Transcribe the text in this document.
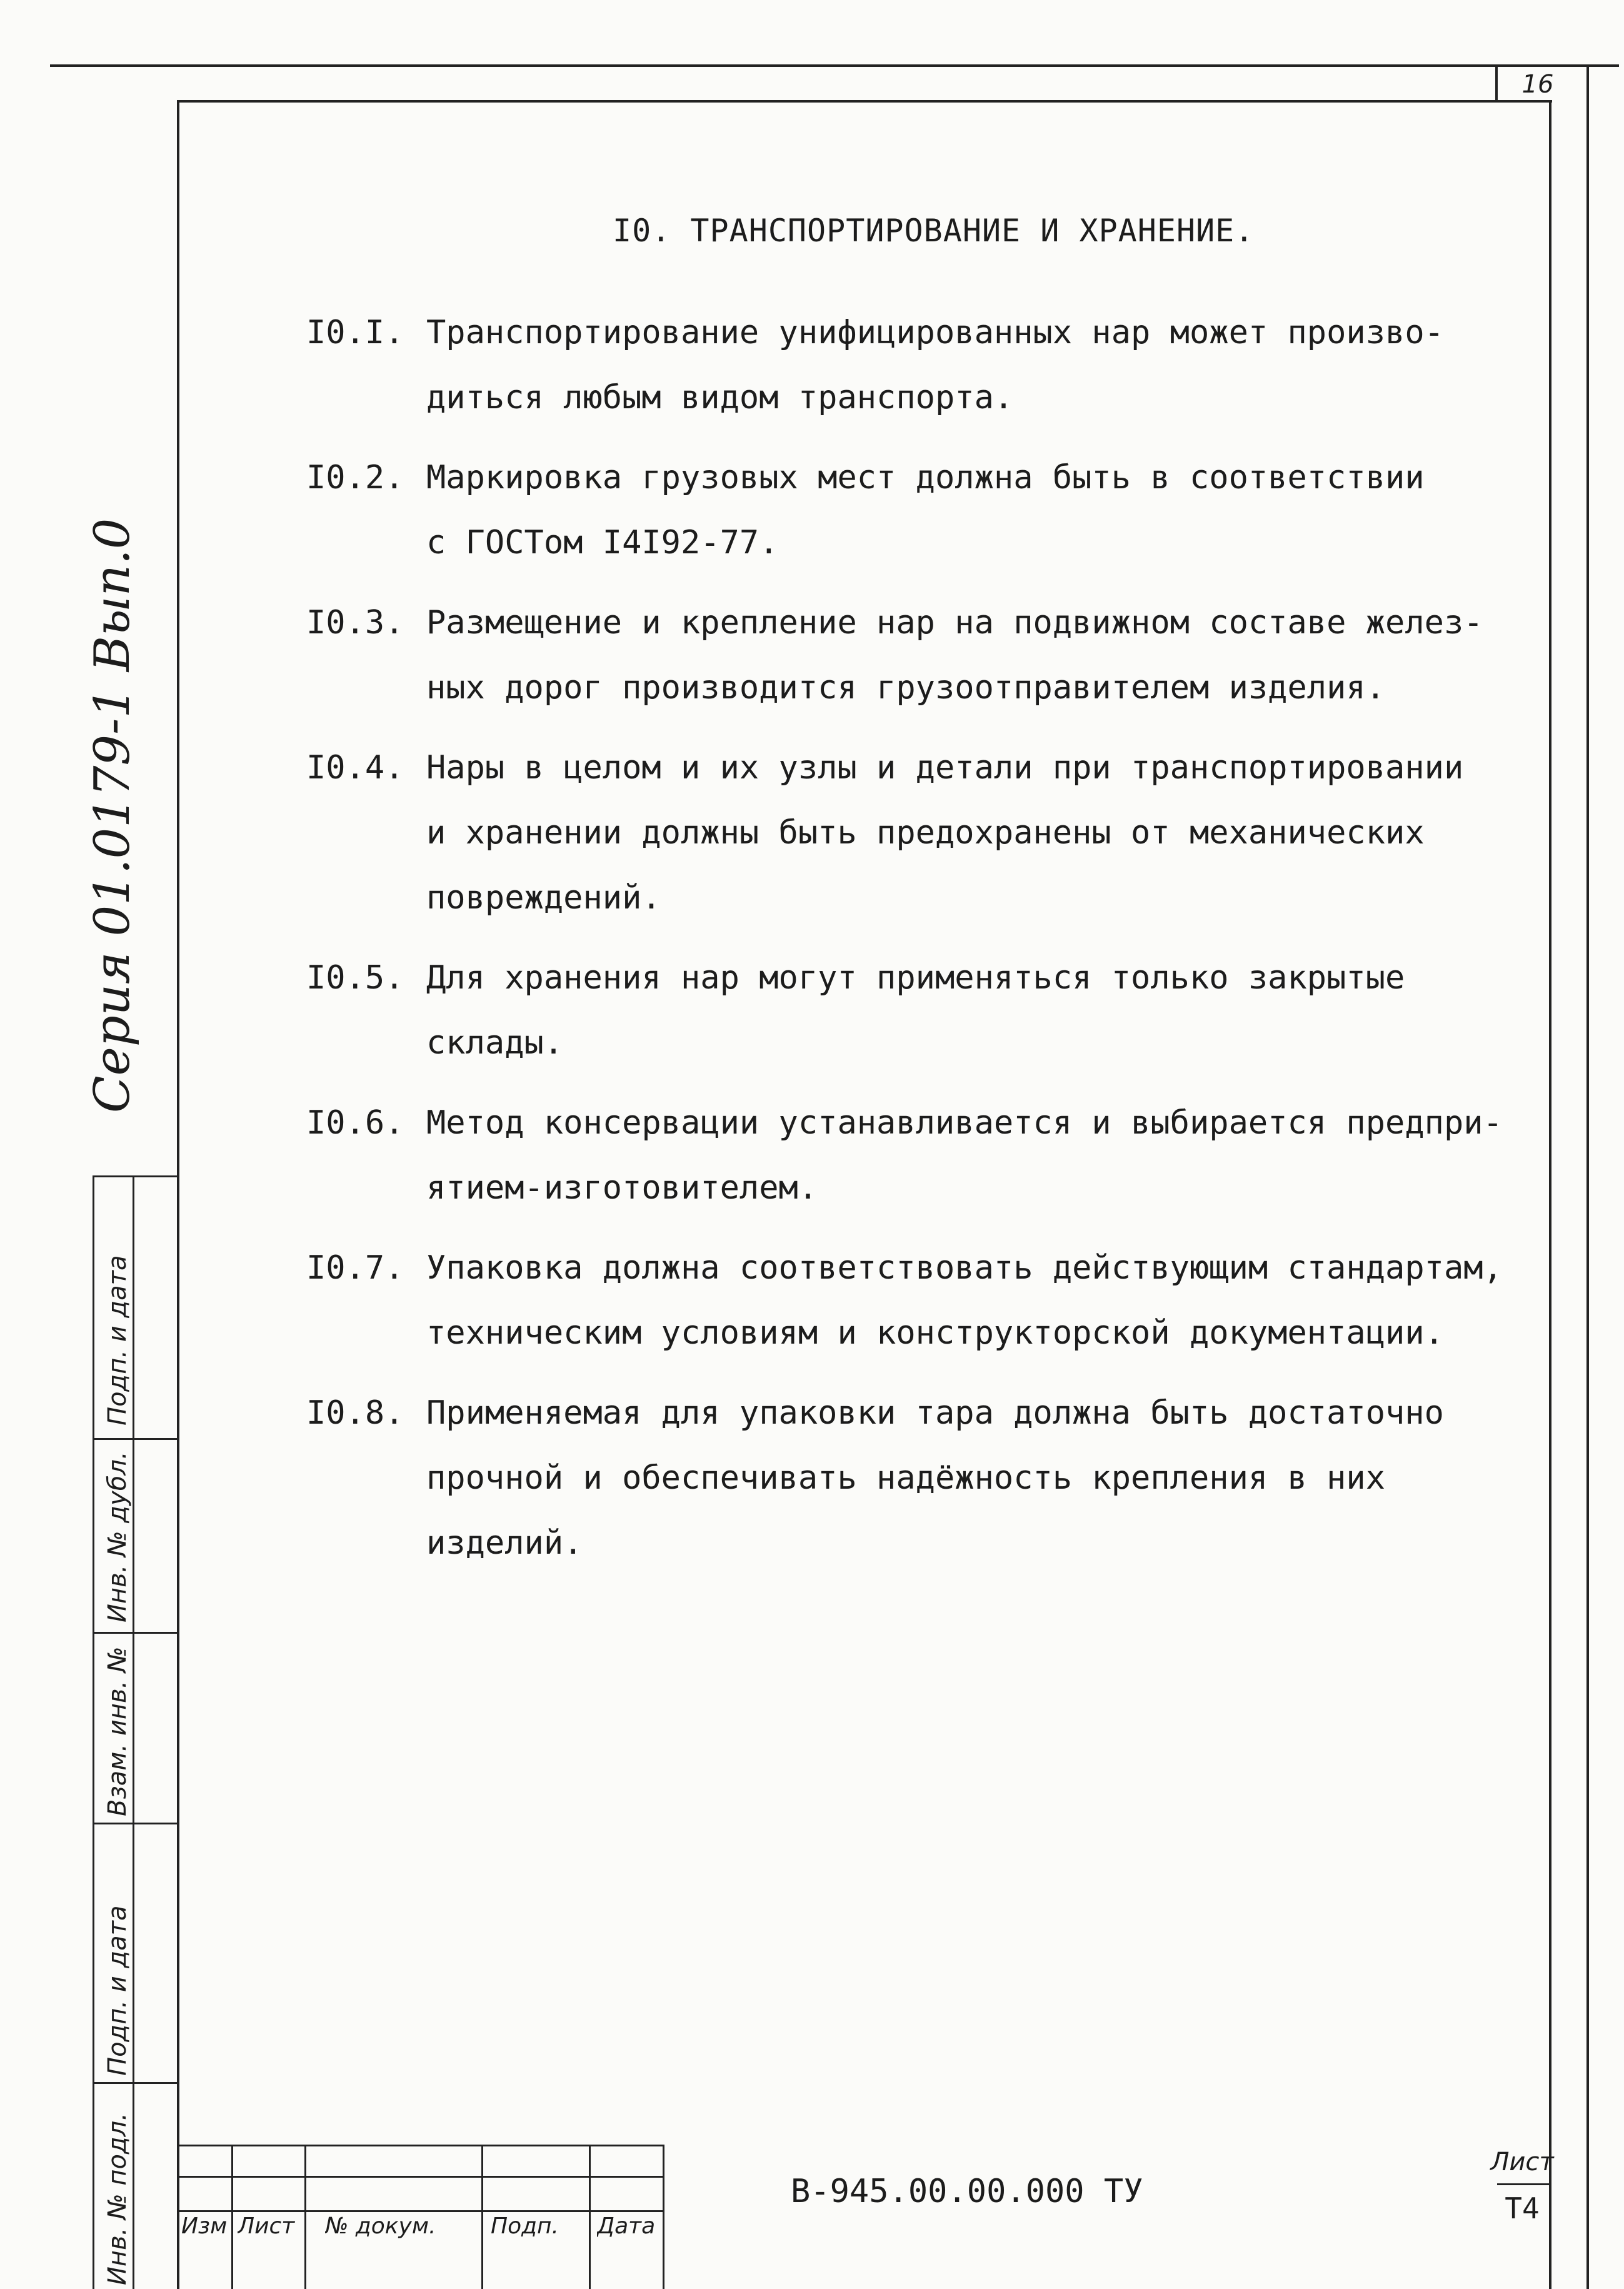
16
Серия 01.0179-1 Вып.0
Подп. и дата
Инв. № дубл.
Взам. инв. №
Подп. и дата
Инв. № подл.
I0. ТРАНСПОРТИРОВАНИЕ И ХРАНЕНИЕ.
I0.I. Транспортирование унифицированных нар может произво-
диться любым видом транспорта.
I0.2. Маркировка грузовых мест должна быть в соответствии
с ГОСТом I4I92-77.
I0.3. Размещение и крепление нар на подвижном составе желез-
ных дорог производится грузоотправителем изделия.
I0.4. Нары в целом и их узлы и детали при транспортировании
и хранении должны быть предохранены от механических
повреждений.
I0.5. Для хранения нар могут применяться только закрытые
склады.
I0.6. Метод консервации устанавливается и выбирается предпри-
ятием-изготовителем.
I0.7. Упаковка должна соответствовать действующим стандартам,
техническим условиям и конструкторской документации.
I0.8. Применяемая для упаковки тара должна быть достаточно
прочной и обеспечивать надёжность крепления в них
изделий.
Изм Лист	№ докум.	Подп.	Дата
В-945.00.00.000 ТУ
Лист
Т4
